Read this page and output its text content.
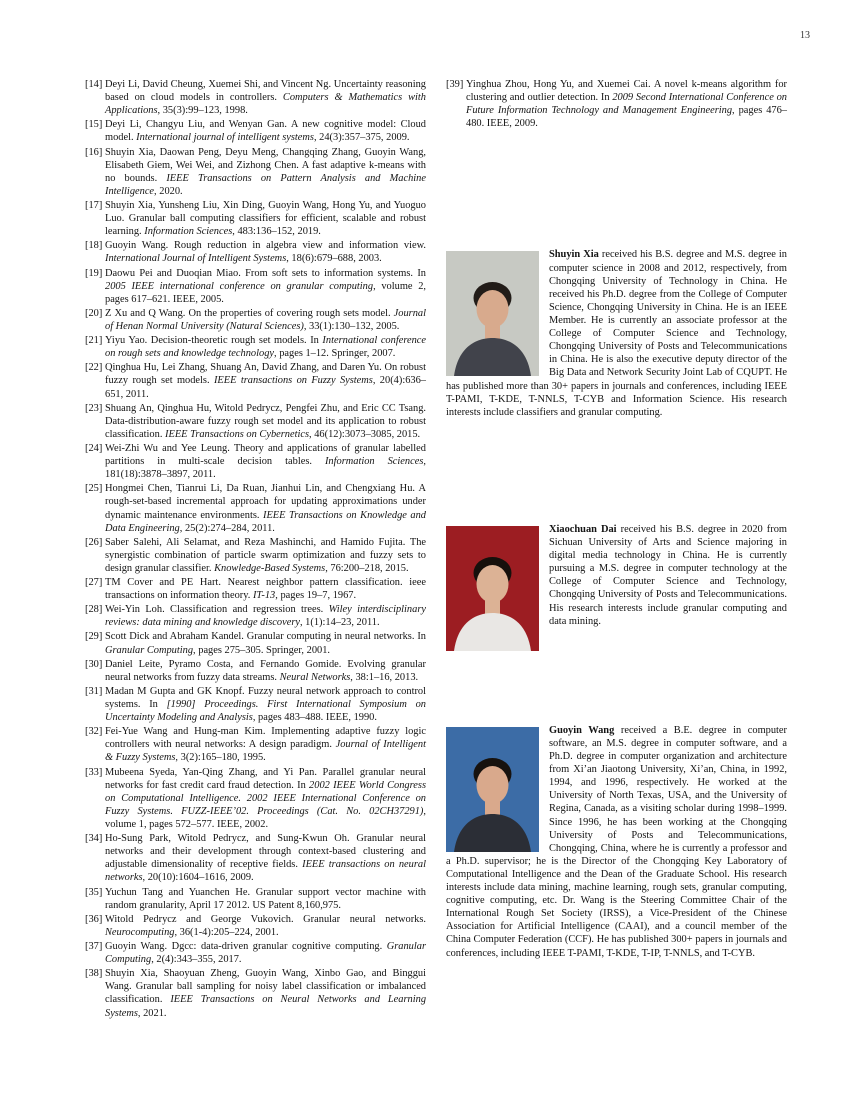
13
[14] Deyi Li, David Cheung, Xuemei Shi, and Vincent Ng. Uncertainty reasoning based on cloud models in controllers. Computers & Mathematics with Applications, 35(3):99–123, 1998.
[15] Deyi Li, Changyu Liu, and Wenyan Gan. A new cognitive model: Cloud model. International journal of intelligent systems, 24(3):357–375, 2009.
[16] Shuyin Xia, Daowan Peng, Deyu Meng, Changqing Zhang, Guoyin Wang, Elisabeth Giem, Wei Wei, and Zizhong Chen. A fast adaptive k-means with no bounds. IEEE Transactions on Pattern Analysis and Machine Intelligence, 2020.
[17] Shuyin Xia, Yunsheng Liu, Xin Ding, Guoyin Wang, Hong Yu, and Yuoguo Luo. Granular ball computing classifiers for efficient, scalable and robust learning. Information Sciences, 483:136–152, 2019.
[18] Guoyin Wang. Rough reduction in algebra view and information view. International Journal of Intelligent Systems, 18(6):679–688, 2003.
[19] Daowu Pei and Duoqian Miao. From soft sets to information systems. In 2005 IEEE international conference on granular computing, volume 2, pages 617–621. IEEE, 2005.
[20] Z Xu and Q Wang. On the properties of covering rough sets model. Journal of Henan Normal University (Natural Sciences), 33(1):130–132, 2005.
[21] Yiyu Yao. Decision-theoretic rough set models. In International conference on rough sets and knowledge technology, pages 1–12. Springer, 2007.
[22] Qinghua Hu, Lei Zhang, Shuang An, David Zhang, and Daren Yu. On robust fuzzy rough set models. IEEE transactions on Fuzzy Systems, 20(4):636–651, 2011.
[23] Shuang An, Qinghua Hu, Witold Pedrycz, Pengfei Zhu, and Eric CC Tsang. Data-distribution-aware fuzzy rough set model and its application to robust classification. IEEE Transactions on Cybernetics, 46(12):3073–3085, 2015.
[24] Wei-Zhi Wu and Yee Leung. Theory and applications of granular labelled partitions in multi-scale decision tables. Information Sciences, 181(18):3878–3897, 2011.
[25] Hongmei Chen, Tianrui Li, Da Ruan, Jianhui Lin, and Chengxiang Hu. A rough-set-based incremental approach for updating approximations under dynamic maintenance environments. IEEE Transactions on Knowledge and Data Engineering, 25(2):274–284, 2011.
[26] Saber Salehi, Ali Selamat, and Reza Mashinchi, and Hamido Fujita. The synergistic combination of particle swarm optimization and fuzzy sets to design granular classifier. Knowledge-Based Systems, 76:200–218, 2015.
[27] TM Cover and PE Hart. Nearest neighbor pattern classification. ieee transactions on information theory. IT-13, pages 19–7, 1967.
[28] Wei-Yin Loh. Classification and regression trees. Wiley interdisciplinary reviews: data mining and knowledge discovery, 1(1):14–23, 2011.
[29] Scott Dick and Abraham Kandel. Granular computing in neural networks. In Granular Computing, pages 275–305. Springer, 2001.
[30] Daniel Leite, Pyramo Costa, and Fernando Gomide. Evolving granular neural networks from fuzzy data streams. Neural Networks, 38:1–16, 2013.
[31] Madan M Gupta and GK Knopf. Fuzzy neural network approach to control systems. In [1990] Proceedings. First International Symposium on Uncertainty Modeling and Analysis, pages 483–488. IEEE, 1990.
[32] Fei-Yue Wang and Hung-man Kim. Implementing adaptive fuzzy logic controllers with neural networks: A design paradigm. Journal of Intelligent & Fuzzy Systems, 3(2):165–180, 1995.
[33] Mubeena Syeda, Yan-Qing Zhang, and Yi Pan. Parallel granular neural networks for fast credit card fraud detection. In 2002 IEEE World Congress on Computational Intelligence. 2002 IEEE International Conference on Fuzzy Systems. FUZZ-IEEE’02. Proceedings (Cat. No. 02CH37291), volume 1, pages 572–577. IEEE, 2002.
[34] Ho-Sung Park, Witold Pedrycz, and Sung-Kwun Oh. Granular neural networks and their development through context-based clustering and adjustable dimensionality of receptive fields. IEEE transactions on neural networks, 20(10):1604–1616, 2009.
[35] Yuchun Tang and Yuanchen He. Granular support vector machine with random granularity, April 17 2012. US Patent 8,160,975.
[36] Witold Pedrycz and George Vukovich. Granular neural networks. Neurocomputing, 36(1-4):205–224, 2001.
[37] Guoyin Wang. Dgcc: data-driven granular cognitive computing. Granular Computing, 2(4):343–355, 2017.
[38] Shuyin Xia, Shaoyuan Zheng, Guoyin Wang, Xinbo Gao, and Binggui Wang. Granular ball sampling for noisy label classification or imbalanced classification. IEEE Transactions on Neural Networks and Learning Systems, 2021.
[39] Yinghua Zhou, Hong Yu, and Xuemei Cai. A novel k-means algorithm for clustering and outlier detection. In 2009 Second International Conference on Future Information Technology and Management Engineering, pages 476–480. IEEE, 2009.
Shuyin Xia received his B.S. degree and M.S. degree in computer science in 2008 and 2012, respectively, from Chongqing University of Technology in China. He received his Ph.D. degree from the College of Computer Science, Chongqing University in China. He is an IEEE Member. He is currently an associate professor at the College of Computer Science and Technology, Chongqing University of Posts and Telecommunications in China. He is also the executive deputy director of the Big Data and Network Security Joint Lab of CQUPT. He has published more than 30+ papers in journals and conferences, including IEEE T-PAMI, T-KDE, T-NNLS, T-CYB and Information Science. His research interests include classifiers and granular computing.
Xiaochuan Dai received his B.S. degree in 2020 from Sichuan University of Arts and Science majoring in digital media technology in China. He is currently pursuing a M.S. degree in computer technology at the College of Computer Science and Technology, Chongqing University of Posts and Telecommunications. His research interests include granular computing and data mining.
Guoyin Wang received a B.E. degree in computer software, an M.S. degree in computer software, and a Ph.D. degree in computer organization and architecture from Xi’an Jiaotong University, Xi’an, China, in 1992, 1994, and 1996, respectively. He worked at the University of North Texas, USA, and the University of Regina, Canada, as a visiting scholar during 1998–1999. Since 1996, he has been working at the Chongqing University of Posts and Telecommunications, Chongqing, China, where he is currently a professor and a Ph.D. supervisor; he is the Director of the Chongqing Key Laboratory of Computational Intelligence and the Dean of the Graduate School. His research interests include data mining, machine learning, rough sets, granular computing, cognitive computing, etc. Dr. Wang is the Steering Committee Chair of the International Rough Set Society (IRSS), a Vice-President of the Chinese Association for Artificial Intelligence (CAAI), and a council member of the China Computer Federation (CCF). He has published 300+ papers in journals and conferences, including IEEE T-PAMI, T-KDE, T-IP, T-NNLS, and T-CYB.
